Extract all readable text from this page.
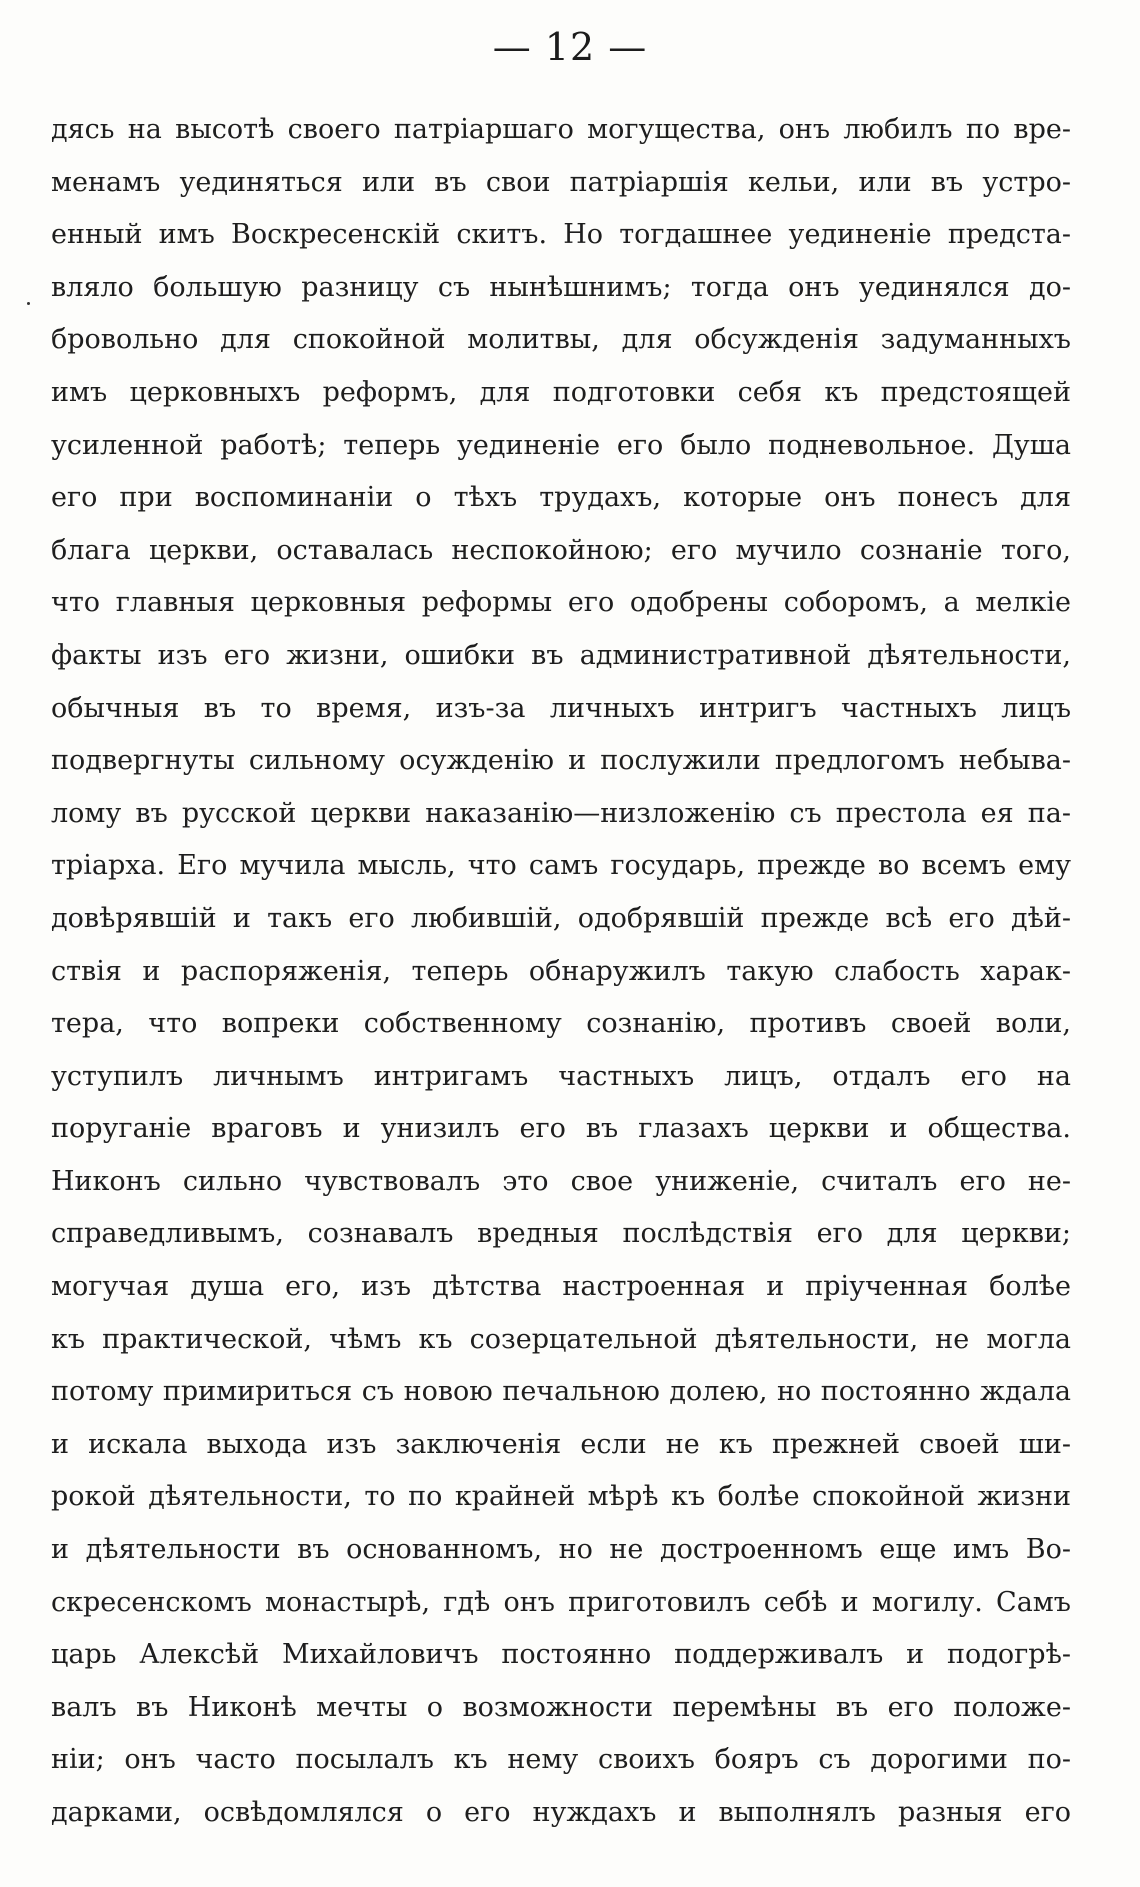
— 12 —
дясь на высотѣ своего патріаршаго могущества, онъ любилъ по вре-
менамъ уединяться или въ свои патріаршія кельи, или въ устро-
енный имъ Воскресенскій скитъ. Но тогдашнее уединеніе предста-
вляло большую разницу съ нынѣшнимъ; тогда онъ уединялся до-
бровольно для спокойной молитвы, для обсужденія задуманныхъ
имъ церковныхъ реформъ, для подготовки себя къ предстоящей
усиленной работѣ; теперь уединеніе его было подневольное. Душа
его при воспоминаніи о тѣхъ трудахъ, которые онъ понесъ для
блага церкви, оставалась неспокойною; его мучило сознаніе того,
что главныя церковныя реформы его одобрены соборомъ, а мелкіе
факты изъ его жизни, ошибки въ административной дѣятельности,
обычныя въ то время, изъ-за личныхъ интригъ частныхъ лицъ
подвергнуты сильному осужденію и послужили предлогомъ небыва-
лому въ русской церкви наказанію—низложенію съ престола ея па-
тріарха. Его мучила мысль, что самъ государь, прежде во всемъ ему
довѣрявшій и такъ его любившій, одобрявшій прежде всѣ его дѣй-
ствія и распоряженія, теперь обнаружилъ такую слабость харак-
тера, что вопреки собственному сознанію, противъ своей воли,
уступилъ личнымъ интригамъ частныхъ лицъ, отдалъ его на
поруганіе враговъ и унизилъ его въ глазахъ церкви и общества.
Никонъ сильно чувствовалъ это свое униженіе, считалъ его не-
справедливымъ, сознавалъ вредныя послѣдствія его для церкви;
могучая душа его, изъ дѣтства настроенная и пріученная болѣе
къ практической, чѣмъ къ созерцательной дѣятельности, не могла
потому примириться съ новою печальною долею, но постоянно ждала
и искала выхода изъ заключенія если не къ прежней своей ши-
рокой дѣятельности, то по крайней мѣрѣ къ болѣе спокойной жизни
и дѣятельности въ основанномъ, но не достроенномъ еще имъ Во-
скресенскомъ монастырѣ, гдѣ онъ приготовилъ себѣ и могилу. Самъ
царь Алексѣй Михайловичъ постоянно поддерживалъ и подогрѣ-
валъ въ Никонѣ мечты о возможности перемѣны въ его положе-
ніи; онъ часто посылалъ къ нему своихъ бояръ съ дорогими по-
дарками, освѣдомлялся о его нуждахъ и выполнялъ разныя его
